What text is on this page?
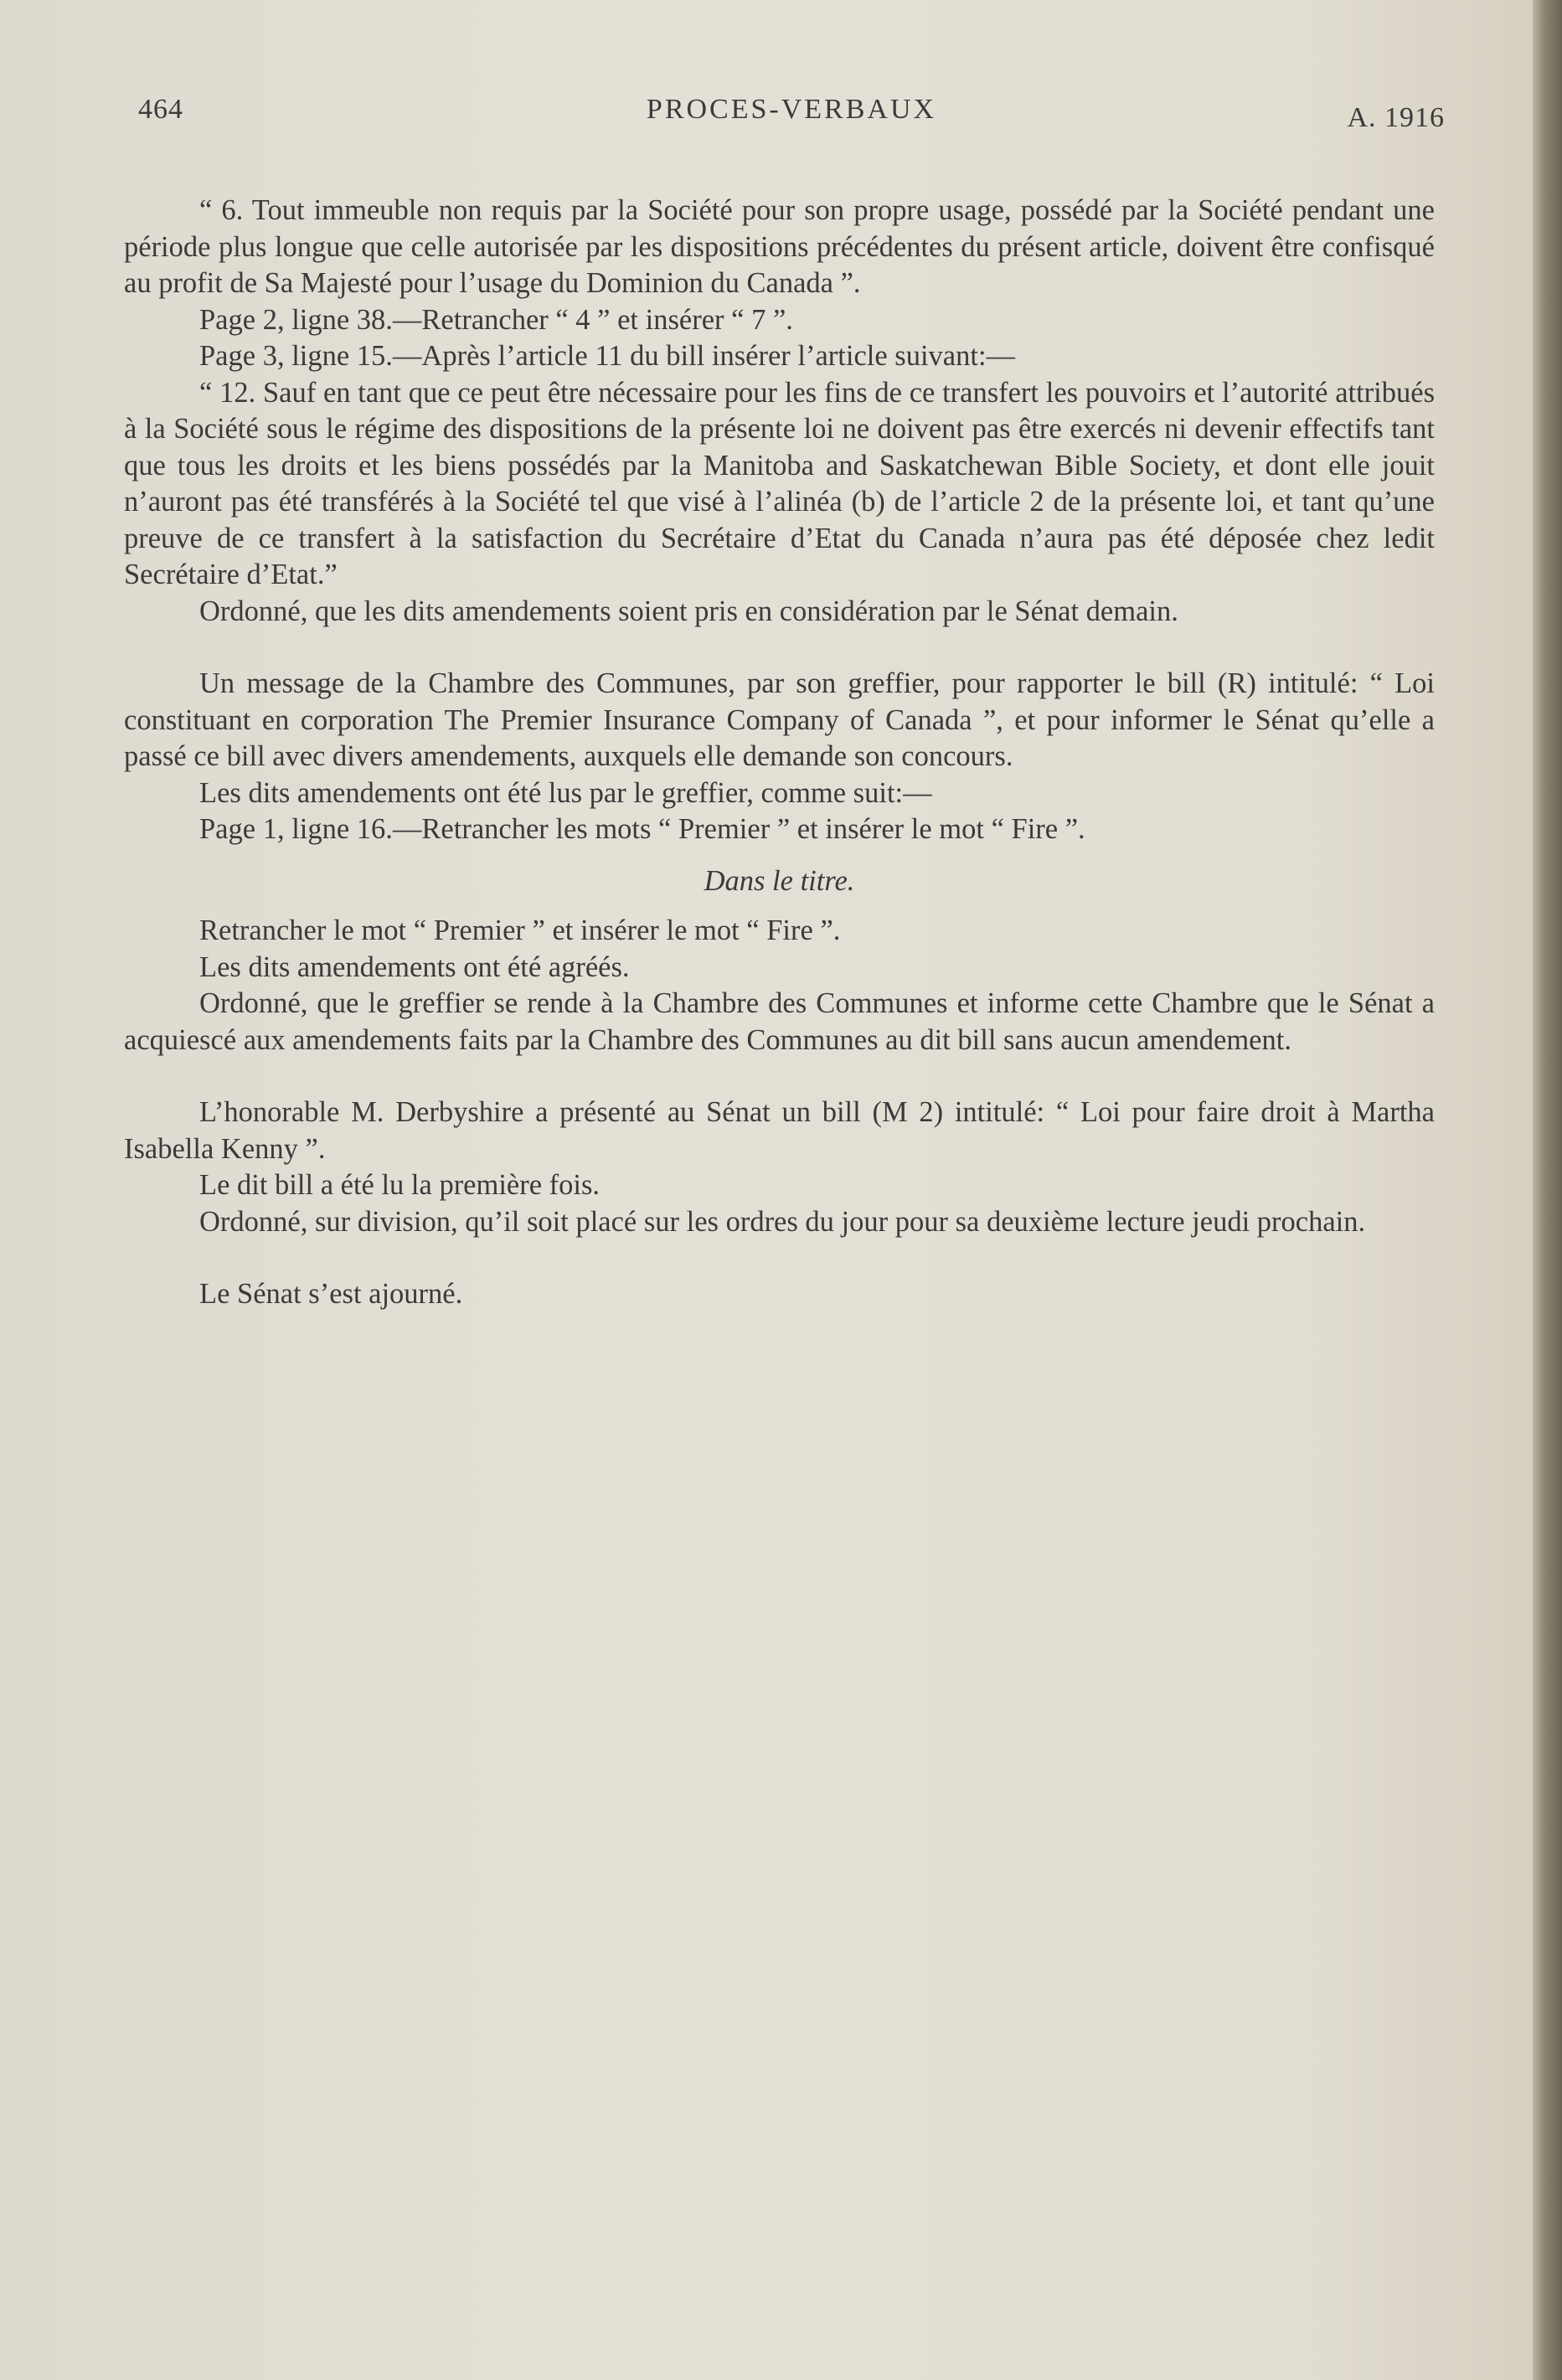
464	PROCES-VERBAUX	A. 1916

“ 6. Tout immeuble non requis par la Société pour son propre usage, possédé par la Société pendant une période plus longue que celle autorisée par les dispositions précédentes du présent article, doivent être confisqué au profit de Sa Majesté pour l’usage du Dominion du Canada ”.

Page 2, ligne 38.—Retrancher “ 4 ” et insérer “ 7 ”.

Page 3, ligne 15.—Après l’article 11 du bill insérer l’article suivant:—

“ 12. Sauf en tant que ce peut être nécessaire pour les fins de ce transfert les pouvoirs et l’autorité attribués à la Société sous le régime des dispositions de la présente loi ne doivent pas être exercés ni devenir effectifs tant que tous les droits et les biens possédés par la Manitoba and Saskatchewan Bible Society, et dont elle jouit n’auront pas été transférés à la Société tel que visé à l’alinéa (b) de l’article 2 de la présente loi, et tant qu’une preuve de ce transfert à la satisfaction du Secrétaire d’Etat du Canada n’aura pas été déposée chez ledit Secrétaire d’Etat.”

Ordonné, que les dits amendements soient pris en considération par le Sénat demain.

Un message de la Chambre des Communes, par son greffier, pour rapporter le bill (R) intitulé: “ Loi constituant en corporation The Premier Insurance Company of Canada ”, et pour informer le Sénat qu’elle a passé ce bill avec divers amendements, auxquels elle demande son concours.

Les dits amendements ont été lus par le greffier, comme suit:—

Page 1, ligne 16.—Retrancher les mots “ Premier ” et insérer le mot “ Fire ”.

Dans le titre.

Retrancher le mot “ Premier ” et insérer le mot “ Fire ”.

Les dits amendements ont été agréés.

Ordonné, que le greffier se rende à la Chambre des Communes et informe cette Chambre que le Sénat a acquiescé aux amendements faits par la Chambre des Communes au dit bill sans aucun amendement.

L’honorable M. Derbyshire a présenté au Sénat un bill (M 2) intitulé: “ Loi pour faire droit à Martha Isabella Kenny ”.

Le dit bill a été lu la première fois.

Ordonné, sur division, qu’il soit placé sur les ordres du jour pour sa deuxième lecture jeudi prochain.

Le Sénat s’est ajourné.
